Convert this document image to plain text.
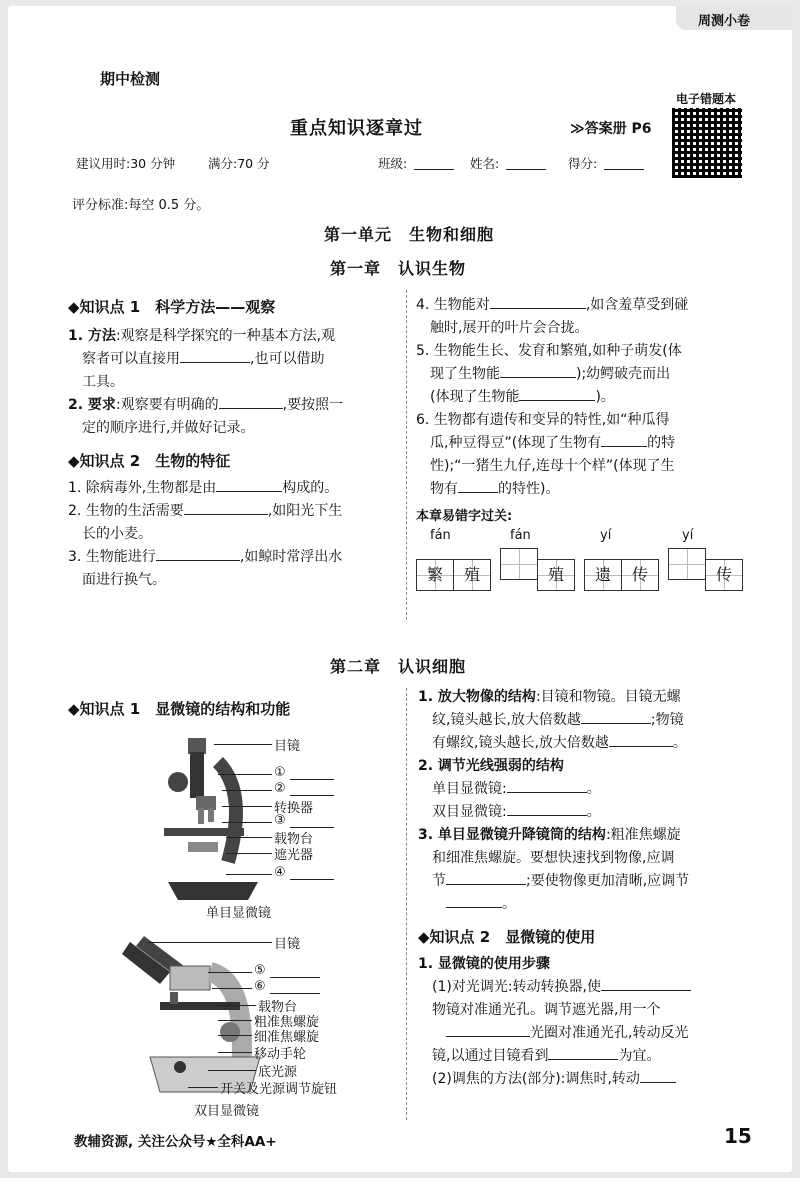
周测小卷
期中检测
电子错题本
重点知识逐章过	≫答案册 P6
建议用时:30 分钟	满分:70 分	班级:	姓名:	得分:
评分标准:每空 0.5 分。
第一单元　生物和细胞
第一章　认识生物
◆知识点 1　科学方法——观察
1. 方法:观察是科学探究的一种基本方法,观
察者可以直接用	,也可以借助
工具。
2. 要求:观察要有明确的	,要按照一
定的顺序进行,并做好记录。
◆知识点 2　生物的特征
1. 除病毒外,生物都是由	构成的。
2. 生物的生活需要	,如阳光下生
长的小麦。
3. 生物能进行	,如鲸时常浮出水
面进行换气。
4. 生物能对	,如含羞草受到碰
触时,展开的叶片会合拢。
5. 生物能生长、发育和繁殖,如种子萌发(体
现了生物能	);幼鳄破壳而出
(体现了生物能	)。
6. 生物都有遗传和变异的特性,如“种瓜得
瓜,种豆得豆”(体现了生物有	的特
性);“一猪生九仔,连母十个样”(体现了生
物有	的特性)。
本章易错字过关:
fán	fán	yí	yí
繁 殖	殖 遗 传	传
第二章　认识细胞
◆知识点 1　显微镜的结构和功能
目镜
①
②
转换器
③
载物台
遮光器
④
单目显微镜
目镜
⑤
⑥
载物台
粗准焦螺旋
细准焦螺旋
移动手轮
底光源
开关及光源调节旋钮
双目显微镜
1. 放大物像的结构:目镜和物镜。目镜无螺
纹,镜头越长,放大倍数越	;物镜
有螺纹,镜头越长,放大倍数越	。
2. 调节光线强弱的结构
单目显微镜:	。
双目显微镜:	。
3. 单目显微镜升降镜筒的结构:粗准焦螺旋
和细准焦螺旋。要想快速找到物像,应调
节	;要使物像更加清晰,应调节
。
◆知识点 2　显微镜的使用
1. 显微镜的使用步骤
(1)对光调光:转动转换器,使
物镜对准通光孔。调节遮光器,用一个
光圈对准通光孔,转动反光
镜,以通过目镜看到	为宜。
(2)调焦的方法(部分):调焦时,转动
教辅资源, 关注公众号★全科AA+	15
